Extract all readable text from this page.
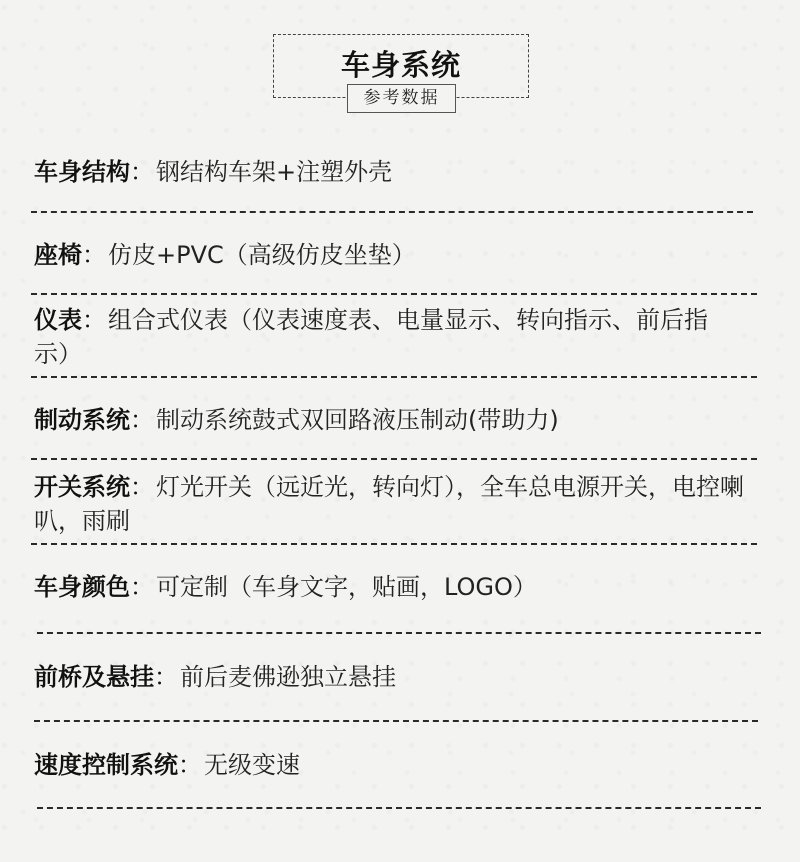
车身系统
参考数据
车身结构：钢结构车架+注塑外壳
座椅：仿皮+PVC（高级仿皮坐垫）
仪表：组合式仪表（仪表速度表、电量显示、转向指示、前后指示）
制动系统：制动系统鼓式双回路液压制动(带助力)
开关系统：灯光开关（远近光，转向灯），全车总电源开关，电控喇叭，雨刷
车身颜色：可定制（车身文字，贴画，LOGO）
前桥及悬挂：前后麦佛逊独立悬挂
速度控制系统：无级变速
